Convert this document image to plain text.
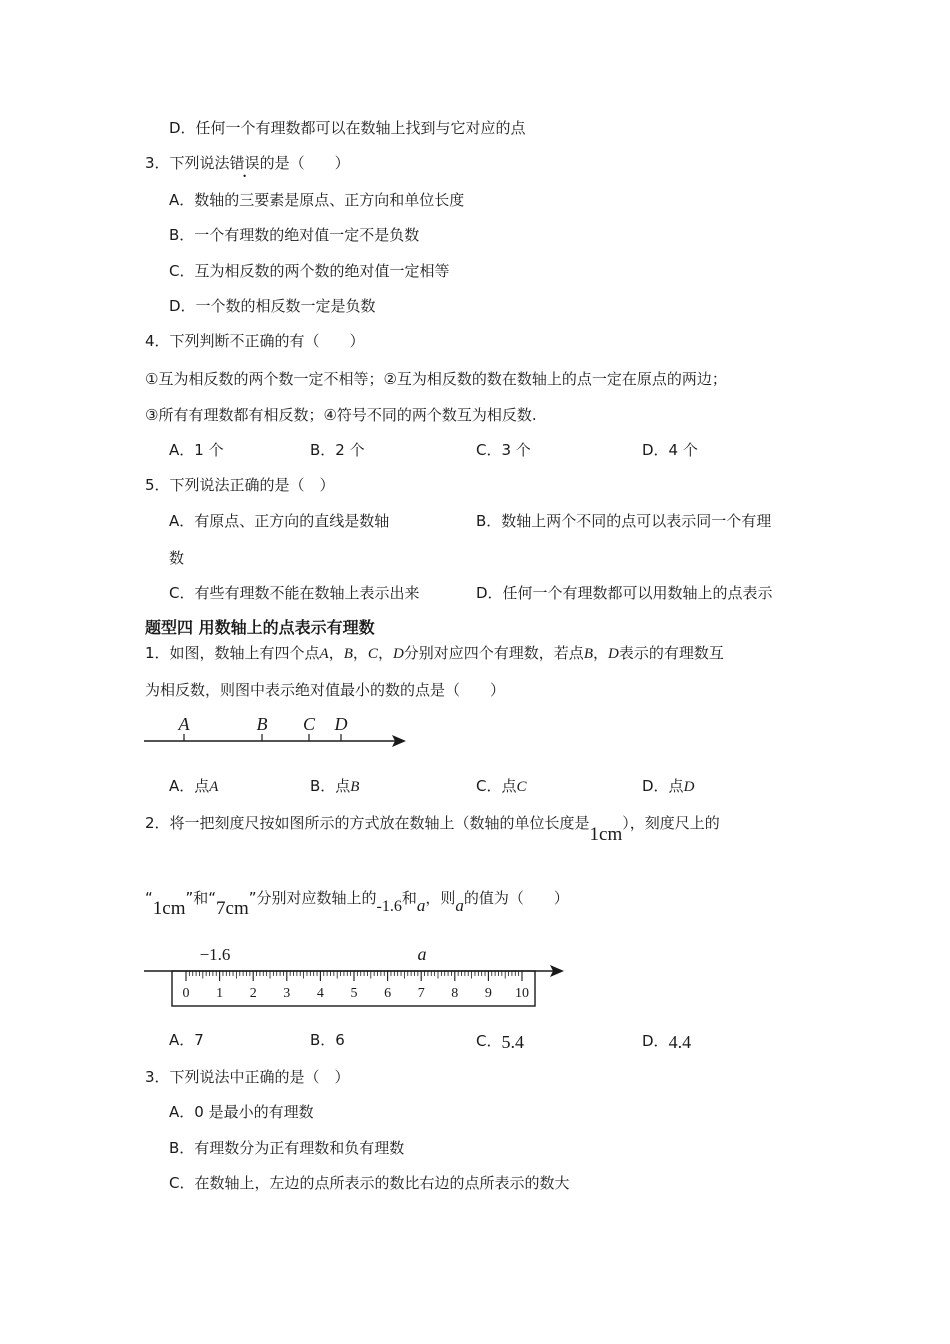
D．任何一个有理数都可以在数轴上找到与它对应的点
3．下列说法错误的是（　　）
A．数轴的三要素是原点、正方向和单位长度
B．一个有理数的绝对值一定不是负数
C．互为相反数的两个数的绝对值一定相等
D．一个数的相反数一定是负数
4．下列判断不正确的有（　　）
①互为相反数的两个数一定不相等；②互为相反数的数在数轴上的点一定在原点的两边；
③所有有理数都有相反数；④符号不同的两个数互为相反数.
A．1 个	B．2 个	C．3 个	D．4 个
5．下列说法正确的是（　）
A．有原点、正方向的直线是数轴	B．数轴上两个不同的点可以表示同一个有理
数
C．有些有理数不能在数轴上表示出来	D．任何一个有理数都可以用数轴上的点表示
题型四 用数轴上的点表示有理数
1．如图，数轴上有四个点A，B，C，D分别对应四个有理数，若点B，D表示的有理数互
为相反数，则图中表示绝对值最小的数的点是（　　）
A	B C D
A．点A	B．点B	C．点C	D．点D
2．将一把刻度尺按如图所示的方式放在数轴上（数轴的单位长度是1cm），刻度尺上的
“1cm”和“7cm”分别对应数轴上的-1.6和a，则a的值为（　　）
−1.6	a
0 1 2 3 4 5 6 7 8 9 10
A．7	B．6	C．5.4	D．4.4
3．下列说法中正确的是（　）
A．0 是最小的有理数
B．有理数分为正有理数和负有理数
C．在数轴上，左边的点所表示的数比右边的点所表示的数大
